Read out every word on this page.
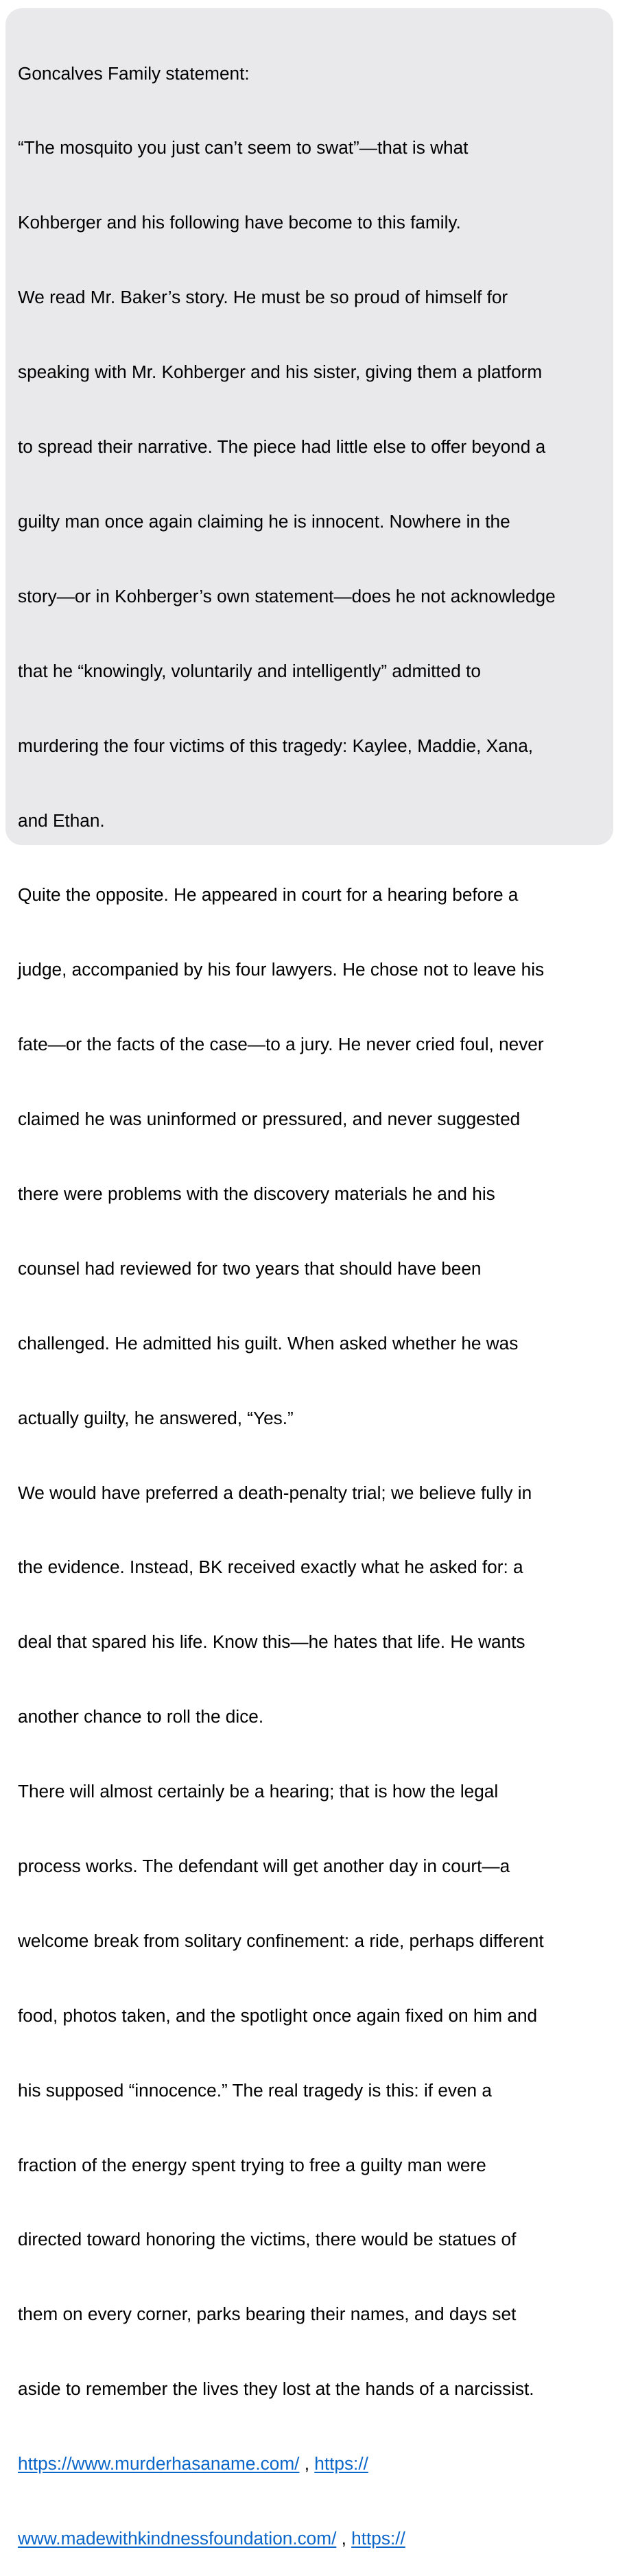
Goncalves Family statement:

“The mosquito you just can’t seem to swat”—that is what

Kohberger and his following have become to this family.

We read Mr. Baker’s story. He must be so proud of himself for

speaking with Mr. Kohberger and his sister, giving them a platform

to spread their narrative. The piece had little else to offer beyond a

guilty man once again claiming he is innocent. Nowhere in the

story—or in Kohberger’s own statement—does he not acknowledge

that he “knowingly, voluntarily and intelligently” admitted to

murdering the four victims of this tragedy: Kaylee, Maddie, Xana,

and Ethan.

Quite the opposite. He appeared in court for a hearing before a

judge, accompanied by his four lawyers. He chose not to leave his

fate—or the facts of the case—to a jury. He never cried foul, never

claimed he was uninformed or pressured, and never suggested

there were problems with the discovery materials he and his

counsel had reviewed for two years that should have been

challenged. He admitted his guilt. When asked whether he was

actually guilty, he answered, “Yes.”

We would have preferred a death-penalty trial; we believe fully in

the evidence. Instead, BK received exactly what he asked for: a

deal that spared his life. Know this—he hates that life. He wants

another chance to roll the dice.

There will almost certainly be a hearing; that is how the legal

process works. The defendant will get another day in court—a

welcome break from solitary confinement: a ride, perhaps different

food, photos taken, and the spotlight once again fixed on him and

his supposed “innocence.” The real tragedy is this: if even a

fraction of the energy spent trying to free a guilty man were

directed toward honoring the victims, there would be statues of

them on every corner, parks bearing their names, and days set

aside to remember the lives they lost at the hands of a narcissist.

https://www.murderhasaname.com/ , https://

www.madewithkindnessfoundation.com/ , https://
